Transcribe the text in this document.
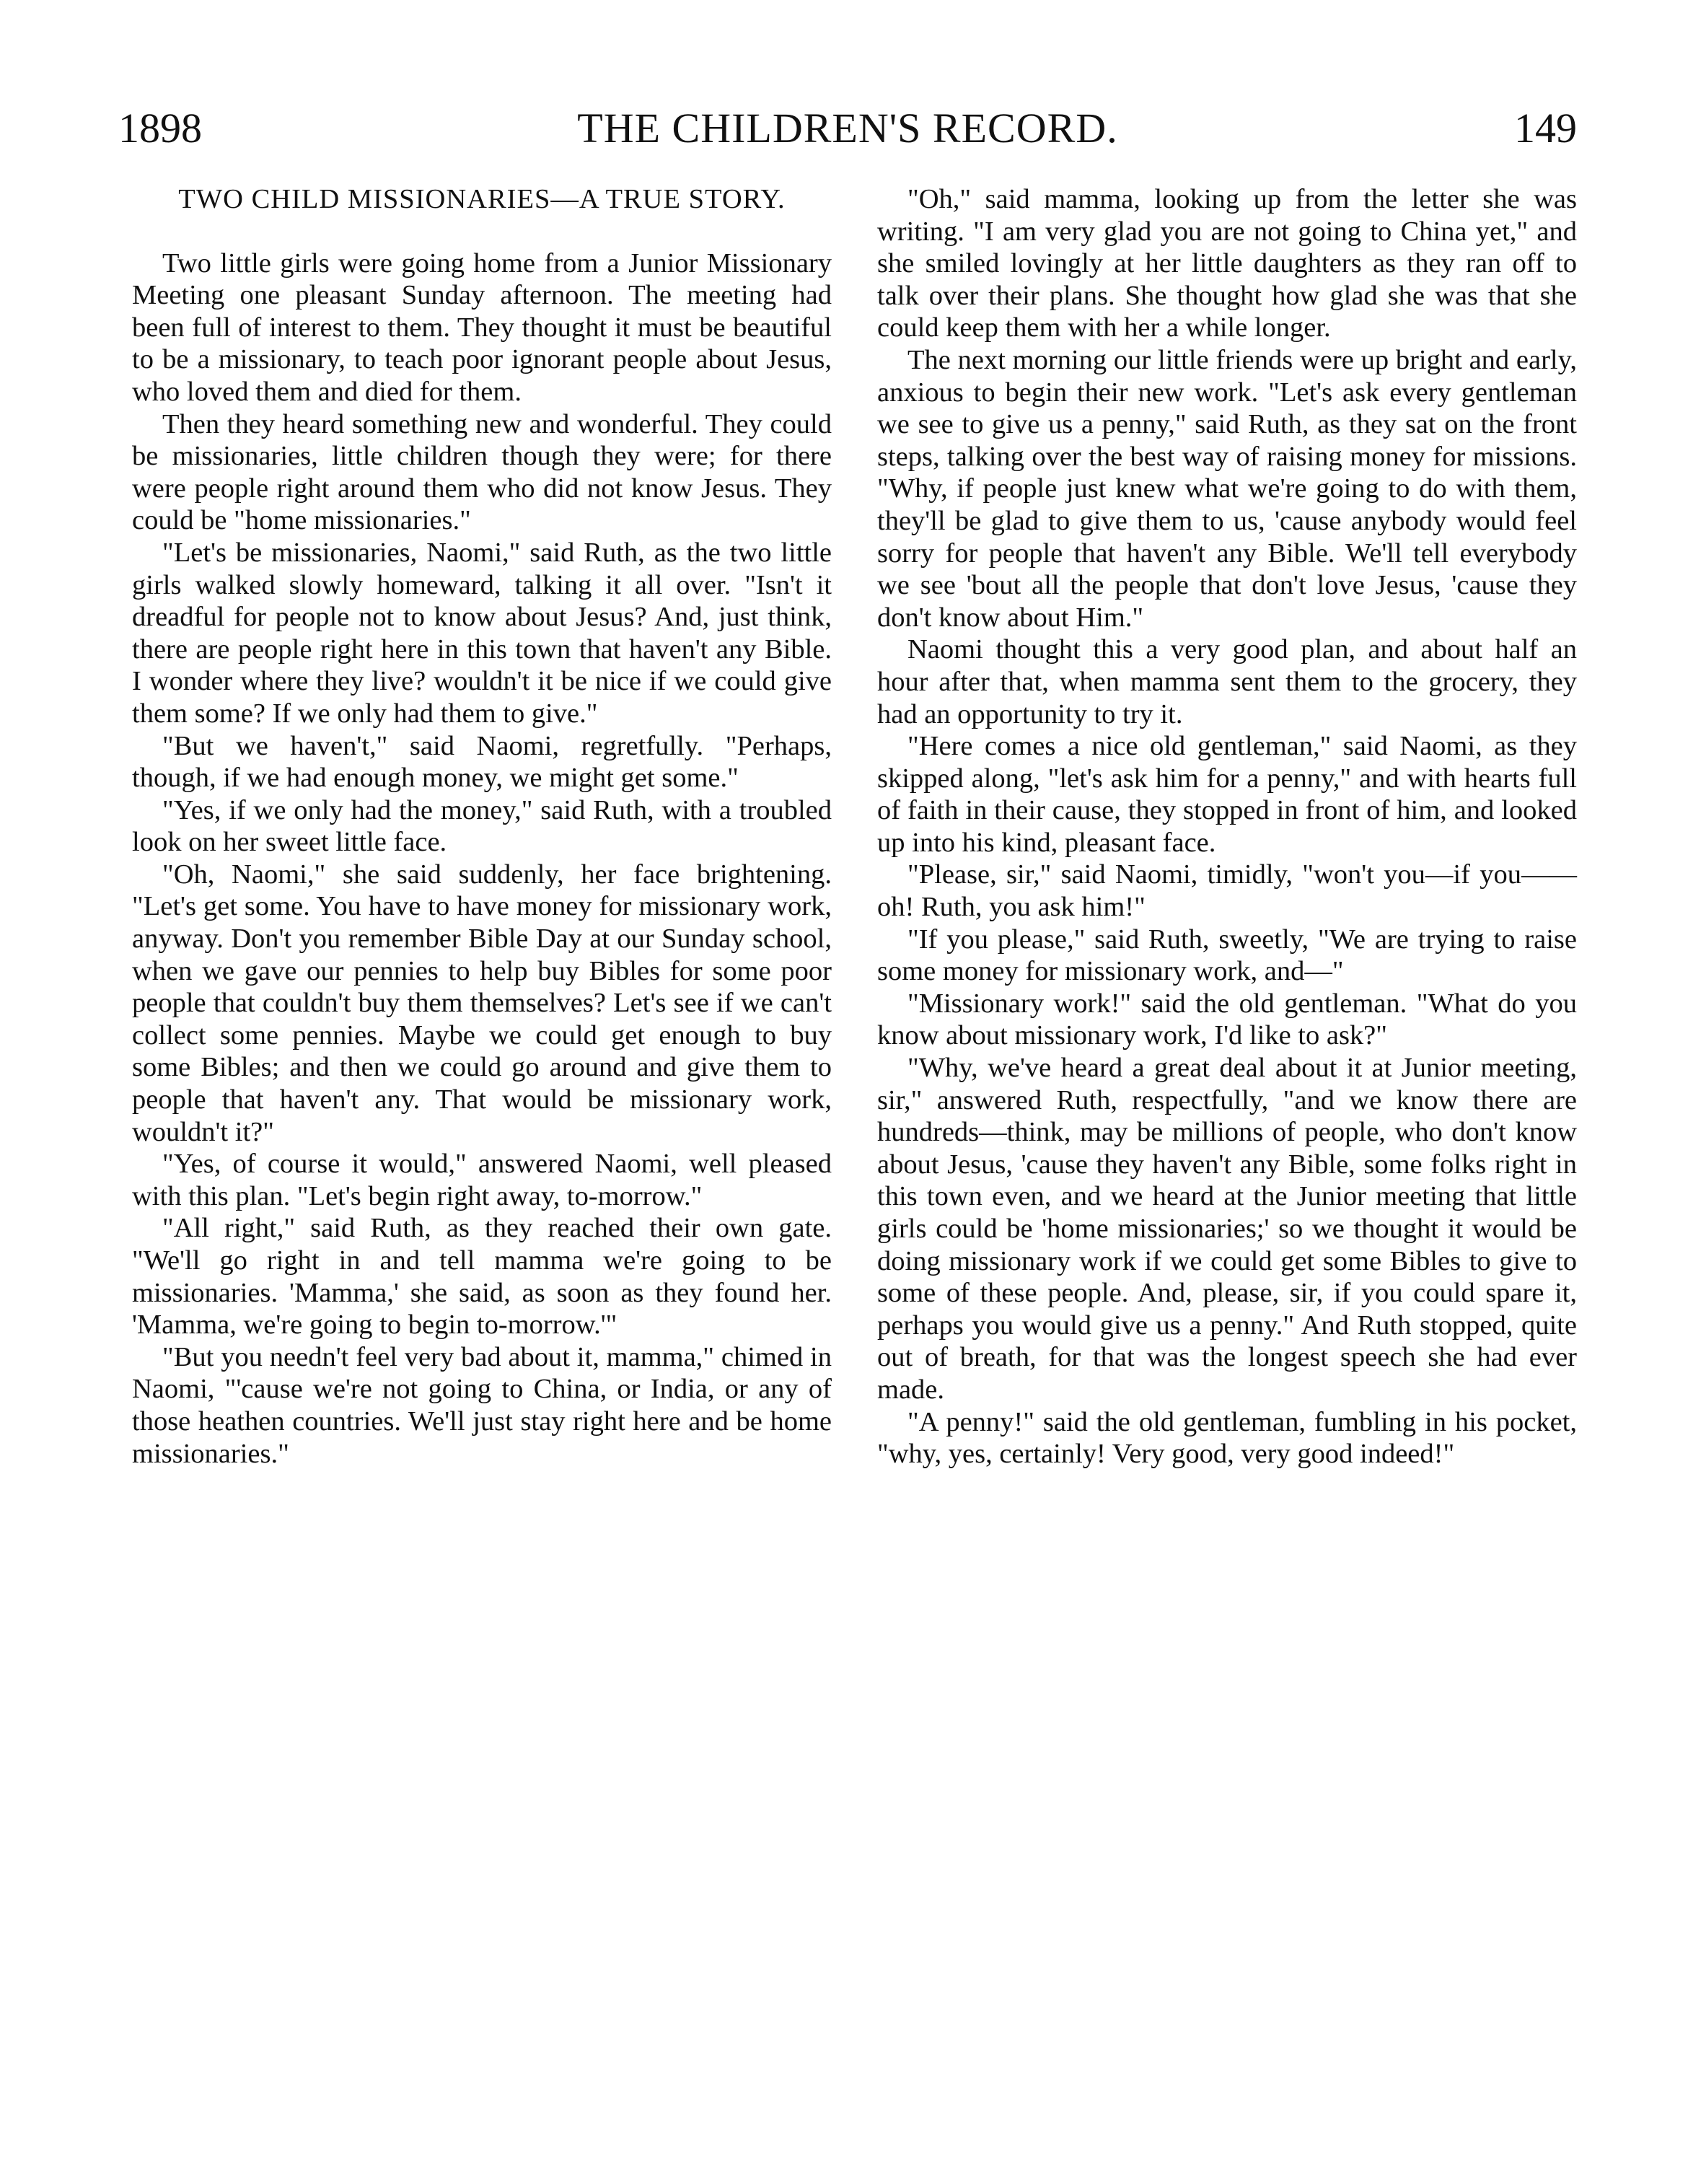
1898	THE CHILDREN'S RECORD.	149
TWO CHILD MISSIONARIES—A TRUE STORY.

Two little girls were going home from a Junior Missionary Meeting one pleasant Sunday afternoon. The meeting had been full of interest to them. They thought it must be beautiful to be a missionary, to teach poor ignorant people about Jesus, who loved them and died for them.

Then they heard something new and wonderful. They could be missionaries, little children though they were; for there were people right around them who did not know Jesus. They could be "home missionaries."

"Let's be missionaries, Naomi," said Ruth, as the two little girls walked slowly homeward, talking it all over. "Isn't it dreadful for people not to know about Jesus? And, just think, there are people right here in this town that haven't any Bible. I wonder where they live? wouldn't it be nice if we could give them some? If we only had them to give."

"But we haven't," said Naomi, regretfully. "Perhaps, though, if we had enough money, we might get some."

"Yes, if we only had the money," said Ruth, with a troubled look on her sweet little face.

"Oh, Naomi," she said suddenly, her face brightening. "Let's get some. You have to have money for missionary work, anyway. Don't you remember Bible Day at our Sunday school, when we gave our pennies to help buy Bibles for some poor people that couldn't buy them themselves? Let's see if we can't collect some pennies. Maybe we could get enough to buy some Bibles; and then we could go around and give them to people that haven't any. That would be missionary work, wouldn't it?"

"Yes, of course it would," answered Naomi, well pleased with this plan. "Let's begin right away, to-morrow."

"All right," said Ruth, as they reached their own gate. "We'll go right in and tell mamma we're going to be missionaries. 'Mamma,' she said, as soon as they found her. 'Mamma, we're going to begin to-morrow.'"

"But you needn't feel very bad about it, mamma," chimed in Naomi, "'cause we're not going to China, or India, or any of those heathen countries. We'll just stay right here and be home missionaries."

"Oh," said mamma, looking up from the letter she was writing. "I am very glad you are not going to China yet," and she smiled lovingly at her little daughters as they ran off to talk over their plans. She thought how glad she was that she could keep them with her a while longer.

The next morning our little friends were up bright and early, anxious to begin their new work. "Let's ask every gentleman we see to give us a penny," said Ruth, as they sat on the front steps, talking over the best way of raising money for missions. "Why, if people just knew what we're going to do with them, they'll be glad to give them to us, 'cause anybody would feel sorry for people that haven't any Bible. We'll tell everybody we see 'bout all the people that don't love Jesus, 'cause they don't know about Him."

Naomi thought this a very good plan, and about half an hour after that, when mamma sent them to the grocery, they had an opportunity to try it.

"Here comes a nice old gentleman," said Naomi, as they skipped along, "let's ask him for a penny," and with hearts full of faith in their cause, they stopped in front of him, and looked up into his kind, pleasant face.

"Please, sir," said Naomi, timidly, "won't you—if you——oh! Ruth, you ask him!"

"If you please," said Ruth, sweetly, "We are trying to raise some money for missionary work, and—"

"Missionary work!" said the old gentleman. "What do you know about missionary work, I'd like to ask?"

"Why, we've heard a great deal about it at Junior meeting, sir," answered Ruth, respectfully, "and we know there are hundreds—think, may be millions of people, who don't know about Jesus, 'cause they haven't any Bible, some folks right in this town even, and we heard at the Junior meeting that little girls could be 'home missionaries;' so we thought it would be doing missionary work if we could get some Bibles to give to some of these people. And, please, sir, if you could spare it, perhaps you would give us a penny." And Ruth stopped, quite out of breath, for that was the longest speech she had ever made.

"A penny!" said the old gentleman, fumbling in his pocket, "why, yes, certainly! Very good, very good indeed!"
